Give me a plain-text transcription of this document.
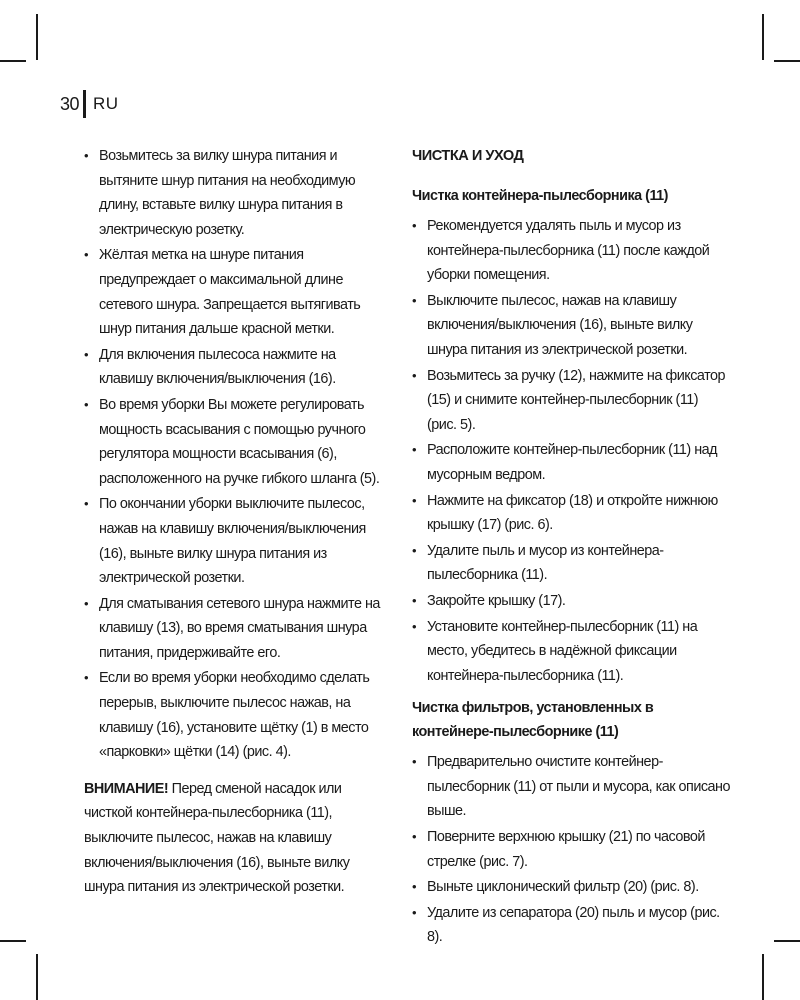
30 RU
• Возьмитесь за вилку шнура питания и вытяните шнур питания на необходимую длину, вставьте вилку шнура питания в электрическую розетку.
• Жёлтая метка на шнуре питания предупреждает о максимальной длине сетевого шнура. Запрещается вытягивать шнур питания дальше красной метки.
• Для включения пылесоса нажмите на клавишу включения/выключения (16).
• Во время уборки Вы можете регулировать мощность всасывания с помощью ручного регулятора мощности всасывания (6), расположенного на ручке гибкого шланга (5).
• По окончании уборки выключите пылесос, нажав на клавишу включения/выключения (16), выньте вилку шнура питания из электрической розетки.
• Для сматывания сетевого шнура нажмите на клавишу (13), во время сматывания шнура питания, придерживайте его.
• Если во время уборки необходимо сделать перерыв, выключите пылесос нажав, на клавишу (16), установите щётку (1) в место «парковки» щётки (14) (рис. 4).

ВНИМАНИЕ! Перед сменой насадок или чисткой контейнера-пылесборника (11), выключите пылесос, нажав на клавишу включения/выключения (16), выньте вилку шнура питания из электрической розетки.

ЧИСТКА И УХОД
Чистка контейнера-пылесборника (11)
• Рекомендуется удалять пыль и мусор из контейнера-пылесборника (11) после каждой уборки помещения.
• Выключите пылесос, нажав на клавишу включения/выключения (16), выньте вилку шнура питания из электрической розетки.
• Возьмитесь за ручку (12), нажмите на фиксатор (15) и снимите контейнер-пылесборник (11) (рис. 5).
• Расположите контейнер-пылесборник (11) над мусорным ведром.
• Нажмите на фиксатор (18) и откройте нижнюю крышку (17) (рис. 6).
• Удалите пыль и мусор из контейнера-пылесборника (11).
• Закройте крышку (17).
• Установите контейнер-пылесборник (11) на место, убедитесь в надёжной фиксации контейнера-пылесборника (11).
Чистка фильтров, установленных в контейнере-пылесборнике (11)
• Предварительно очистите контейнер-пылесборник (11) от пыли и мусора, как описано выше.
• Поверните верхнюю крышку (21) по часовой стрелке (рис. 7).
• Выньте циклонический фильтр (20) (рис. 8).
• Удалите из сепаратора (20) пыль и мусор (рис. 8).
